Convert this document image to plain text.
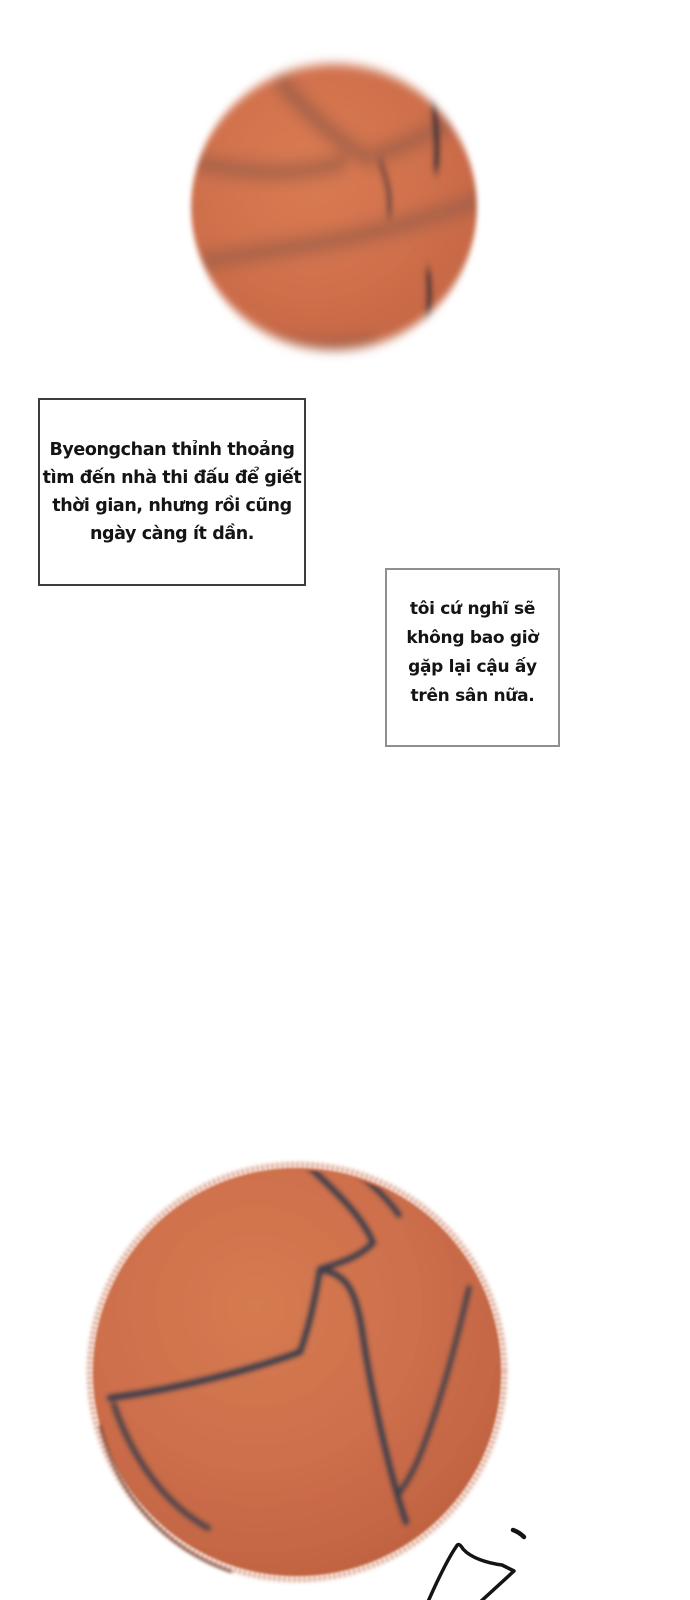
Byeongchan thỉnh thoảng
tìm đến nhà thi đấu để giết
thời gian, nhưng rồi cũng
ngày càng ít dần.
tôi cứ nghĩ sẽ
không bao giờ
gặp lại cậu ấy
trên sân nữa.
